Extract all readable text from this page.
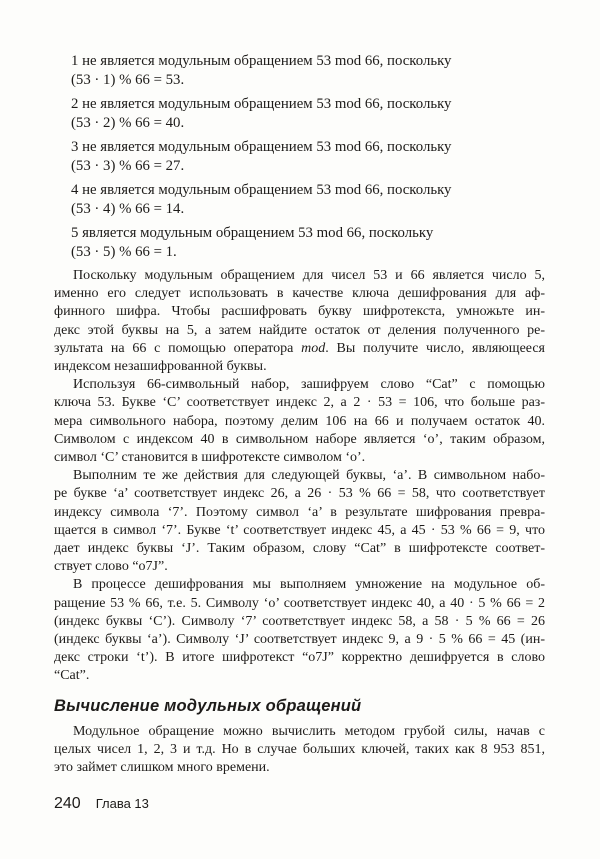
1 не является модульным обращением 53 mod 66, поскольку
(53 · 1) % 66 = 53.
2 не является модульным обращением 53 mod 66, поскольку
(53 · 2) % 66 = 40.
3 не является модульным обращением 53 mod 66, поскольку
(53 · 3) % 66 = 27.
4 не является модульным обращением 53 mod 66, поскольку
(53 · 4) % 66 = 14.
5 является модульным обращением 53 mod 66, поскольку
(53 · 5) % 66 = 1.
Поскольку модульным обращением для чисел 53 и 66 является число 5,
именно его следует использовать в качестве ключа дешифрования для аф-
финного шифра. Чтобы расшифровать букву шифротекста, умножьте ин-
декс этой буквы на 5, а затем найдите остаток от деления полученного ре-
зультата на 66 с помощью оператора mod. Вы получите число, являющееся
индексом незашифрованной буквы.
Используя 66-символьный набор, зашифруем слово “Cat” с помощью
ключа 53. Букве ‘C’ соответствует индекс 2, а 2 · 53 = 106, что больше раз-
мера символьного набора, поэтому делим 106 на 66 и получаем остаток 40.
Символом с индексом 40 в символьном наборе является ‘o’, таким образом,
символ ‘C’ становится в шифротексте символом ‘o’.
Выполним те же действия для следующей буквы, ‘a’. В символьном набо-
ре букве ‘a’ соответствует индекс 26, а 26 · 53 % 66 = 58, что соответствует
индексу символа ‘7’. Поэтому символ ‘a’ в результате шифрования превра-
щается в символ ‘7’. Букве ‘t’ соответствует индекс 45, а 45 · 53 % 66 = 9, что
дает индекс буквы ‘J’. Таким образом, слову “Cat” в шифротексте соответ-
ствует слово “o7J”.
В процессе дешифрования мы выполняем умножение на модульное об-
ращение 53 % 66, т.е. 5. Символу ‘o’ соответствует индекс 40, а 40 · 5 % 66 = 2
(индекс буквы ‘C’). Символу ‘7’ соответствует индекс 58, а 58 · 5 % 66 = 26
(индекс буквы ‘a’). Символу ‘J’ соответствует индекс 9, а 9 · 5 % 66 = 45 (ин-
декс строки ‘t’). В итоге шифротекст “o7J” корректно дешифруется в слово
“Cat”.
Вычисление модульных обращений
Модульное обращение можно вычислить методом грубой силы, начав с
целых чисел 1, 2, 3 и т.д. Но в случае больших ключей, таких как 8 953 851,
это займет слишком много времени.
240 Глава 13
